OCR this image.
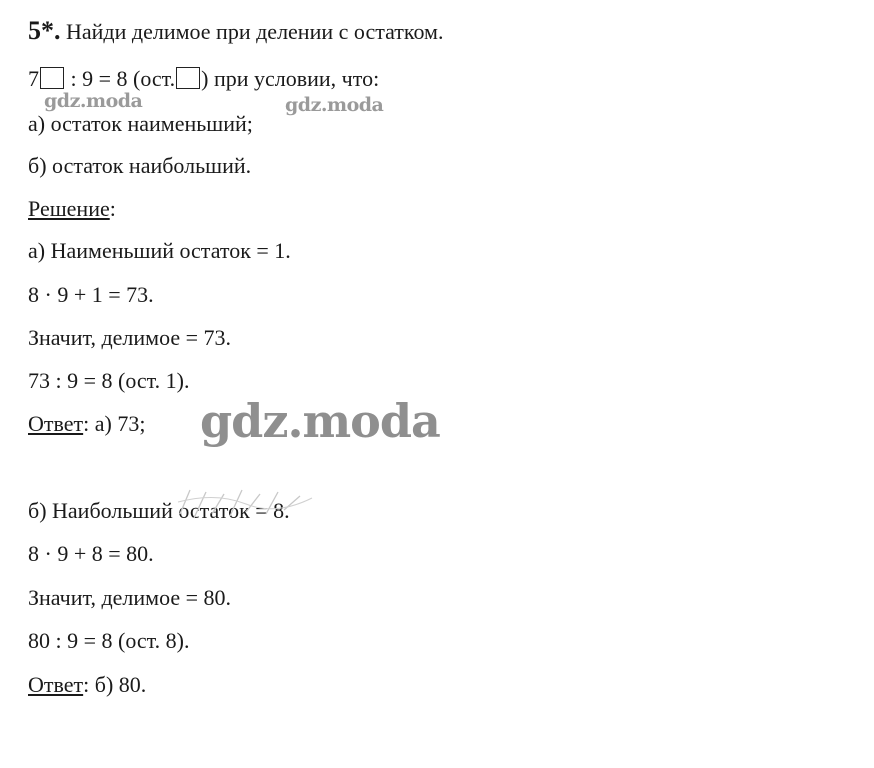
5*. Найди делимое при делении с остатком.
7 : 9 = 8 (ост. ) при условии, что:
а) остаток наименьший;
б) остаток наибольший.
Решение:
а) Наименьший остаток = 1.
8 · 9 + 1 = 73.
Значит, делимое = 73.
73 : 9 = 8 (ост. 1).
Ответ: а) 73;
б) Наибольший остаток = 8.
8 · 9 + 8 = 80.
Значит, делимое = 80.
80 : 9 = 8 (ост. 8).
Ответ: б) 80.
gdz.moda	gdz.moda
gdz.moda
